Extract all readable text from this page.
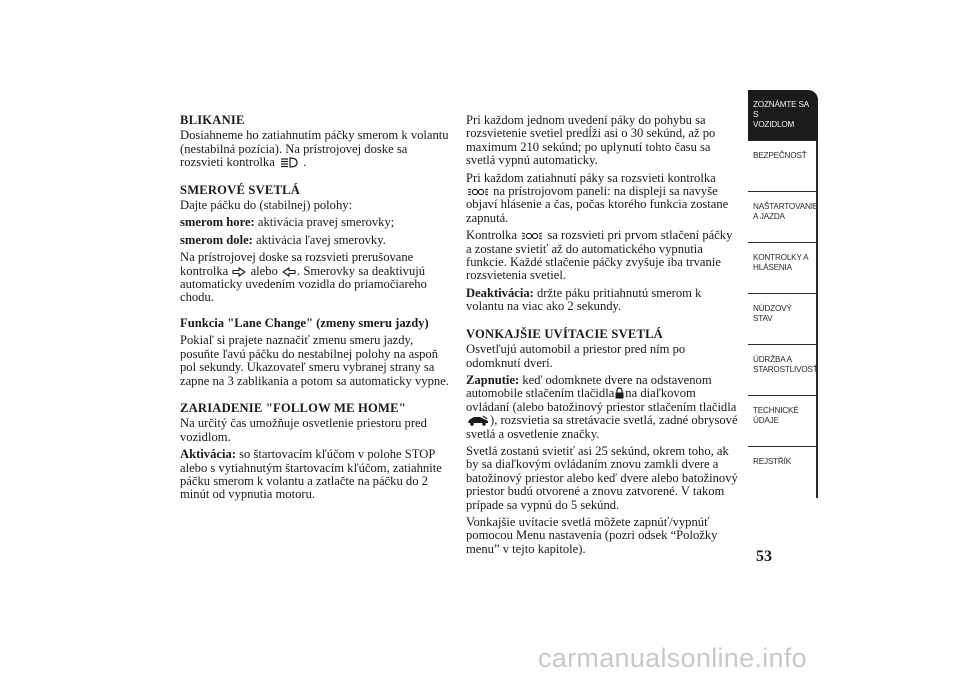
BLIKANIE

Dosiahneme ho zatiahnutím páčky smerom k volantu (nestabilná pozícia). Na prístrojovej doske sa rozsvieti kontrolka .

SMEROVÉ SVETLÁ

Dajte páčku do (stabilnej) polohy:

smerom hore: aktivácia pravej smerovky;

smerom dole: aktivácia ľavej smerovky.

Na prístrojovej doske sa rozsvieti prerušovane kontrolka alebo . Smerovky sa deaktivujú automaticky uvedením vozidla do priamočiareho chodu.

Funkcia "Lane Change" (zmeny smeru jazdy)

Pokiaľ si prajete naznačiť zmenu smeru jazdy, posuňte ľavú páčku do nestabilnej polohy na aspoň pol sekundy. Ukazovateľ smeru vybranej strany sa zapne na 3 zablikania a potom sa automaticky vypne.

ZARIADENIE "FOLLOW ME HOME"

Na určitý čas umožňuje osvetlenie priestoru pred vozidlom.

Aktivácia: so štartovacím kľúčom v polohe STOP alebo s vytiahnutým štartovacím kľúčom, zatiahnite páčku smerom k volantu a zatlačte na páčku do 2 minút od vypnutia motoru.

Pri každom jednom uvedení páky do pohybu sa rozsvietenie svetiel predĺži asi o 30 sekúnd, až po maximum 210 sekúnd; po uplynutí tohto času sa svetlá vypnú automaticky.

Pri každom zatiahnutí páky sa rozsvieti kontrolka
na prístrojovom paneli: na displeji sa navyše objaví hlásenie a čas, počas ktorého funkcia zostane zapnutá.

Kontrolka sa rozsvieti pri prvom stlačení páčky a zostane svietiť až do automatického vypnutia funkcie. Každé stlačenie páčky zvyšuje iba trvanie rozsvietenia svetiel.

Deaktivácia: držte páku pritiahnutú smerom k volantu na viac ako 2 sekundy.

VONKAJŠIE UVÍTACIE SVETLÁ

Osvetľujú automobil a priestor pred ním po odomknutí dverí.

Zapnutie: keď odomknete dvere na odstavenom automobile stlačením tlačidla na diaľkovom ovládaní (alebo batožinový priestor stlačením tlačidla
), rozsvietia sa stretávacie svetlá, zadné obrysové svetlá a osvetlenie značky.

Svetlá zostanú svietiť asi 25 sekúnd, okrem toho, ak by sa diaľkovým ovládaním znovu zamkli dvere a batožinový priestor alebo keď dvere alebo batožinový priestor budú otvorené a znovu zatvorené. V takom prípade sa vypnú do 5 sekúnd.

Vonkajšie uvítacie svetlá môžete zapnúť/vypnúť pomocou Menu nastavenia (pozri odsek “Položky menu” v tejto kapitole).

ZOZNÁMTE SA S
VOZIDLOM
BEZPEČNOSŤ
NAŠTARTOVANIE
A JAZDA
KONTROLKY A
HLÁSENIA
NÚDZOVÝ STAV
ÚDRŽBA A
STAROSTLIVOSŤ
TECHNICKÉ
ÚDAJE
REJSTŘÍK
53
carmanualsonline.info
